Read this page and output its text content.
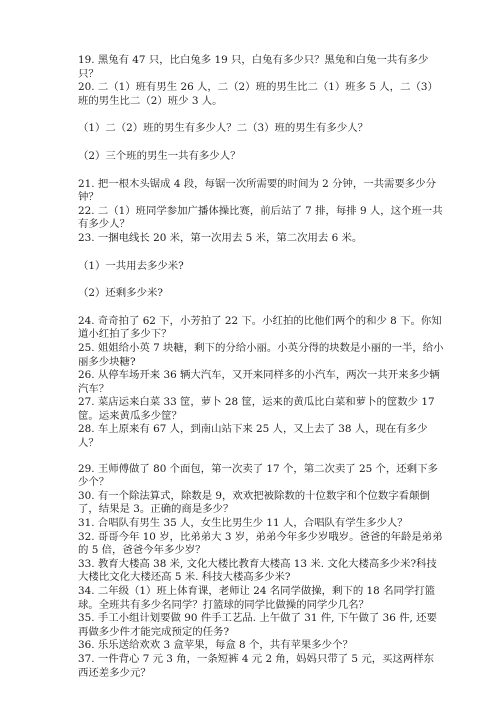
19. 黑兔有 47 只，比白兔多 19 只，白兔有多少只？黑兔和白兔一共有多少只？

20. 二（1）班有男生 26 人，二（2）班的男生比二（1）班多 5 人，二（3）班的男生比二（2）班少 3 人。

（1）二（2）班的男生有多少人？二（3）班的男生有多少人？

（2）三个班的男生一共有多少人？

21. 把一根木头锯成 4 段，每锯一次所需要的时间为 2 分钟，一共需要多少分钟？

22. 二（1）班同学参加广播体操比赛，前后站了 7 排，每排 9 人，这个班一共有多少人？

23. 一捆电线长 20 米，第一次用去 5 米，第二次用去 6 米。

（1）一共用去多少米?

（2）还剩多少米?

24. 奇奇拍了 62 下，小芳拍了 22 下。小红拍的比他们两个的和少 8 下。你知道小红拍了多少下？

25. 姐姐给小英 7 块糖，剩下的分给小丽。小英分得的块数是小丽的一半，给小丽多少块糖?

26. 从停车场开来 36 辆大汽车，又开来同样多的小汽车，两次一共开来多少辆汽车？

27. 菜店运来白菜 33 筐，萝卜 28 筐，运来的黄瓜比白菜和萝卜的筐数少 17 筐。运来黄瓜多少筐？

28. 车上原来有 67 人，到南山站下来 25 人，又上去了 38 人，现在有多少人？

29. 王师傅做了 80 个面包，第一次卖了 17 个，第二次卖了 25 个，还剩下多少个？

30. 有一个除法算式，除数是 9，欢欢把被除数的十位数字和个位数字看颠倒了，结果是 3。正确的商是多少？

31. 合唱队有男生 35 人，女生比男生少 11 人，合唱队有学生多少人？

32. 哥哥今年 10 岁，比弟弟大 3 岁，弟弟今年多少岁哦岁。爸爸的年龄是弟弟的 5 倍，爸爸今年多少岁？

33. 教育大楼高 38 米, 文化大楼比教育大楼高 13 米. 文化大楼高多少米?科技大楼比文化大楼还高 5 米. 科技大楼高多少米?

34. 二年级（1）班上体育课，老师让 24 名同学做操，剩下的 18 名同学打篮球。全班共有多少名同学？打篮球的同学比做操的同学少几名？

35. 手工小组计划要做 90 件手工艺品. 上午做了 31 件, 下午做了 36 件, 还要再做多少件才能完成预定的任务?

36. 乐乐送给欢欢 3 盒苹果，每盒 8 个，共有苹果多少个？

37. 一件背心 7 元 3 角，一条短裤 4 元 2 角，妈妈只带了 5 元，买这两样东西还差多少元？
